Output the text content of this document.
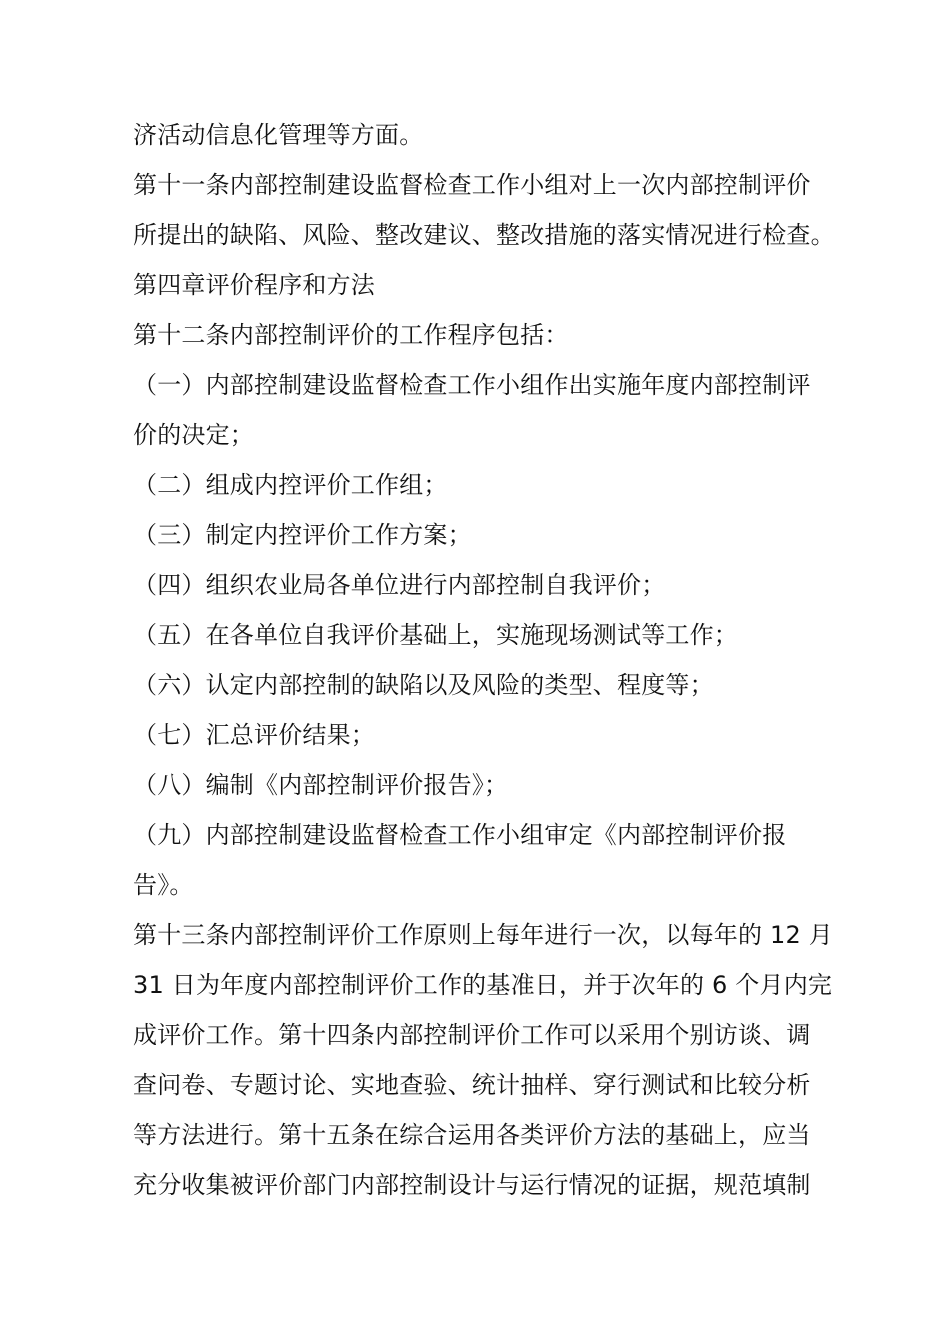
济活动信息化管理等方面。
第十一条内部控制建设监督检查工作小组对上一次内部控制评价
所提出的缺陷、风险、整改建议、整改措施的落实情况进行检查。
第四章评价程序和方法
第十二条内部控制评价的工作程序包括：
（一）内部控制建设监督检查工作小组作出实施年度内部控制评
价的决定；
（二）组成内控评价工作组；
（三）制定内控评价工作方案；
（四）组织农业局各单位进行内部控制自我评价；
（五）在各单位自我评价基础上，实施现场测试等工作；
（六）认定内部控制的缺陷以及风险的类型、程度等；
（七）汇总评价结果；
（八）编制《内部控制评价报告》；
（九）内部控制建设监督检查工作小组审定《内部控制评价报
告》。
第十三条内部控制评价工作原则上每年进行一次，以每年的 12 月
31 日为年度内部控制评价工作的基准日，并于次年的 6 个月内完
成评价工作。第十四条内部控制评价工作可以采用个别访谈、调
查问卷、专题讨论、实地查验、统计抽样、穿行测试和比较分析
等方法进行。第十五条在综合运用各类评价方法的基础上，应当
充分收集被评价部门内部控制设计与运行情况的证据，规范填制
